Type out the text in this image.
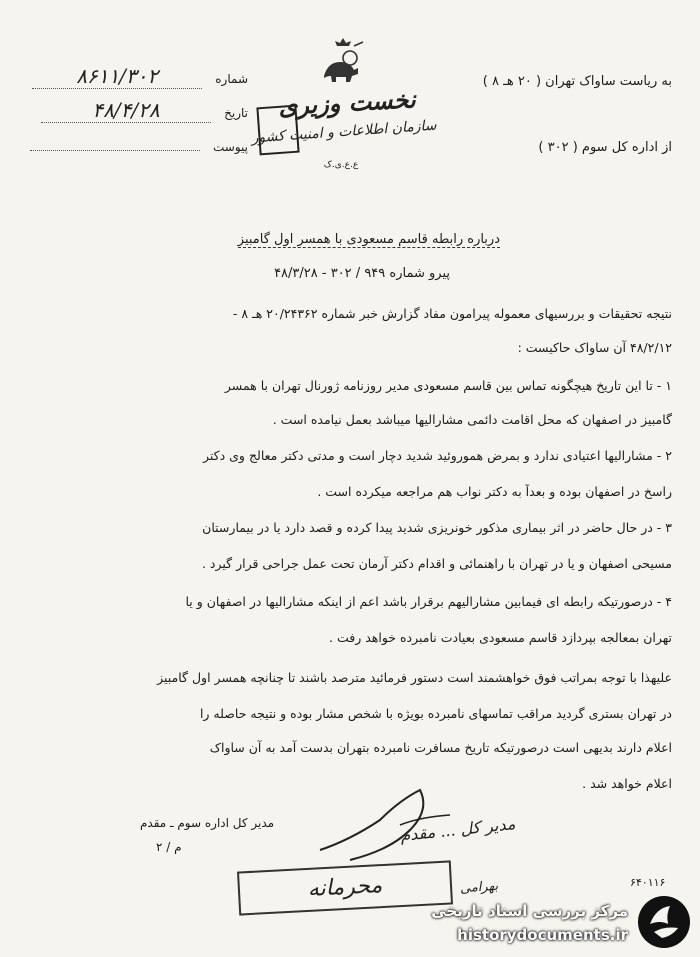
نخست وزیری
سازمان اطلاعات و امنیت کشور
ع.ع.ی.ک
شماره ۸۶۱۱/۳۰۲
تاریخ ۴۸/۴/۲۸
پیوست
به ریاست ساواک تهران ( ۲۰ هـ ۸ )
از اداره کل سوم ( ۳۰۲ )
درباره رابطه قاسم مسعودی با همسر اول گامبیز
پیرو شماره ۹۴۹ / ۳۰۲ - ۴۸/۳/۲۸
نتیجه تحقیقات و بررسیهای معموله پیرامون مفاد گزارش خبر شماره ۲۰/۲۴۳۶۲ هـ ۸ -
۴۸/۲/۱۲ آن ساواک حاکیست :
۱ - تا این تاریخ هیچگونه تماس بین قاسم مسعودی مدیر روزنامه ژورنال تهران با همسر
گامبیز در اصفهان که محل اقامت دائمی مشارالیها میباشد بعمل نیامده است .
۲ - مشارالیها اعتیادی ندارد و بمرض هموروئید شدید دچار است و مدتی دکتر معالج وی دکتر
راسخ در اصفهان بوده و بعداً به دکتر نواب هم مراجعه میکرده است .
۳ - در حال حاضر در اثر بیماری مذکور خونریزی شدید پیدا کرده و قصد دارد یا در بیمارستان
مسیحی اصفهان و یا در تهران با راهنمائی و اقدام دکتر آرمان تحت عمل جراحی قرار گیرد .
۴ - درصورتیکه رابطه ای فیمابین مشارالیهم برقرار باشد اعم از اینکه مشارالیها در اصفهان و یا
تهران بمعالجه بپردازد قاسم مسعودی بعیادت نامبرده خواهد رفت .
علیهذا با توجه بمراتب فوق خواهشمند است دستور فرمائید مترصد باشند تا چنانچه همسر اول گامبیز
در تهران بستری گردید مراقب تماسهای نامبرده بویژه با شخص مشار بوده و نتیجه حاصله را
اعلام دارند بدیهی است درصورتیکه تاریخ مسافرت نامبرده بتهران بدست آمد به آن ساواک
اعلام خواهد شد .
مدیر کل اداره سوم ـ مقدم
م / ۲
مدیر کل ... مقدم
محرمانه	بهرامی	۶۴۰۱۱۶
مرکز بررسی اسناد تاریخی
historydocuments.ir
